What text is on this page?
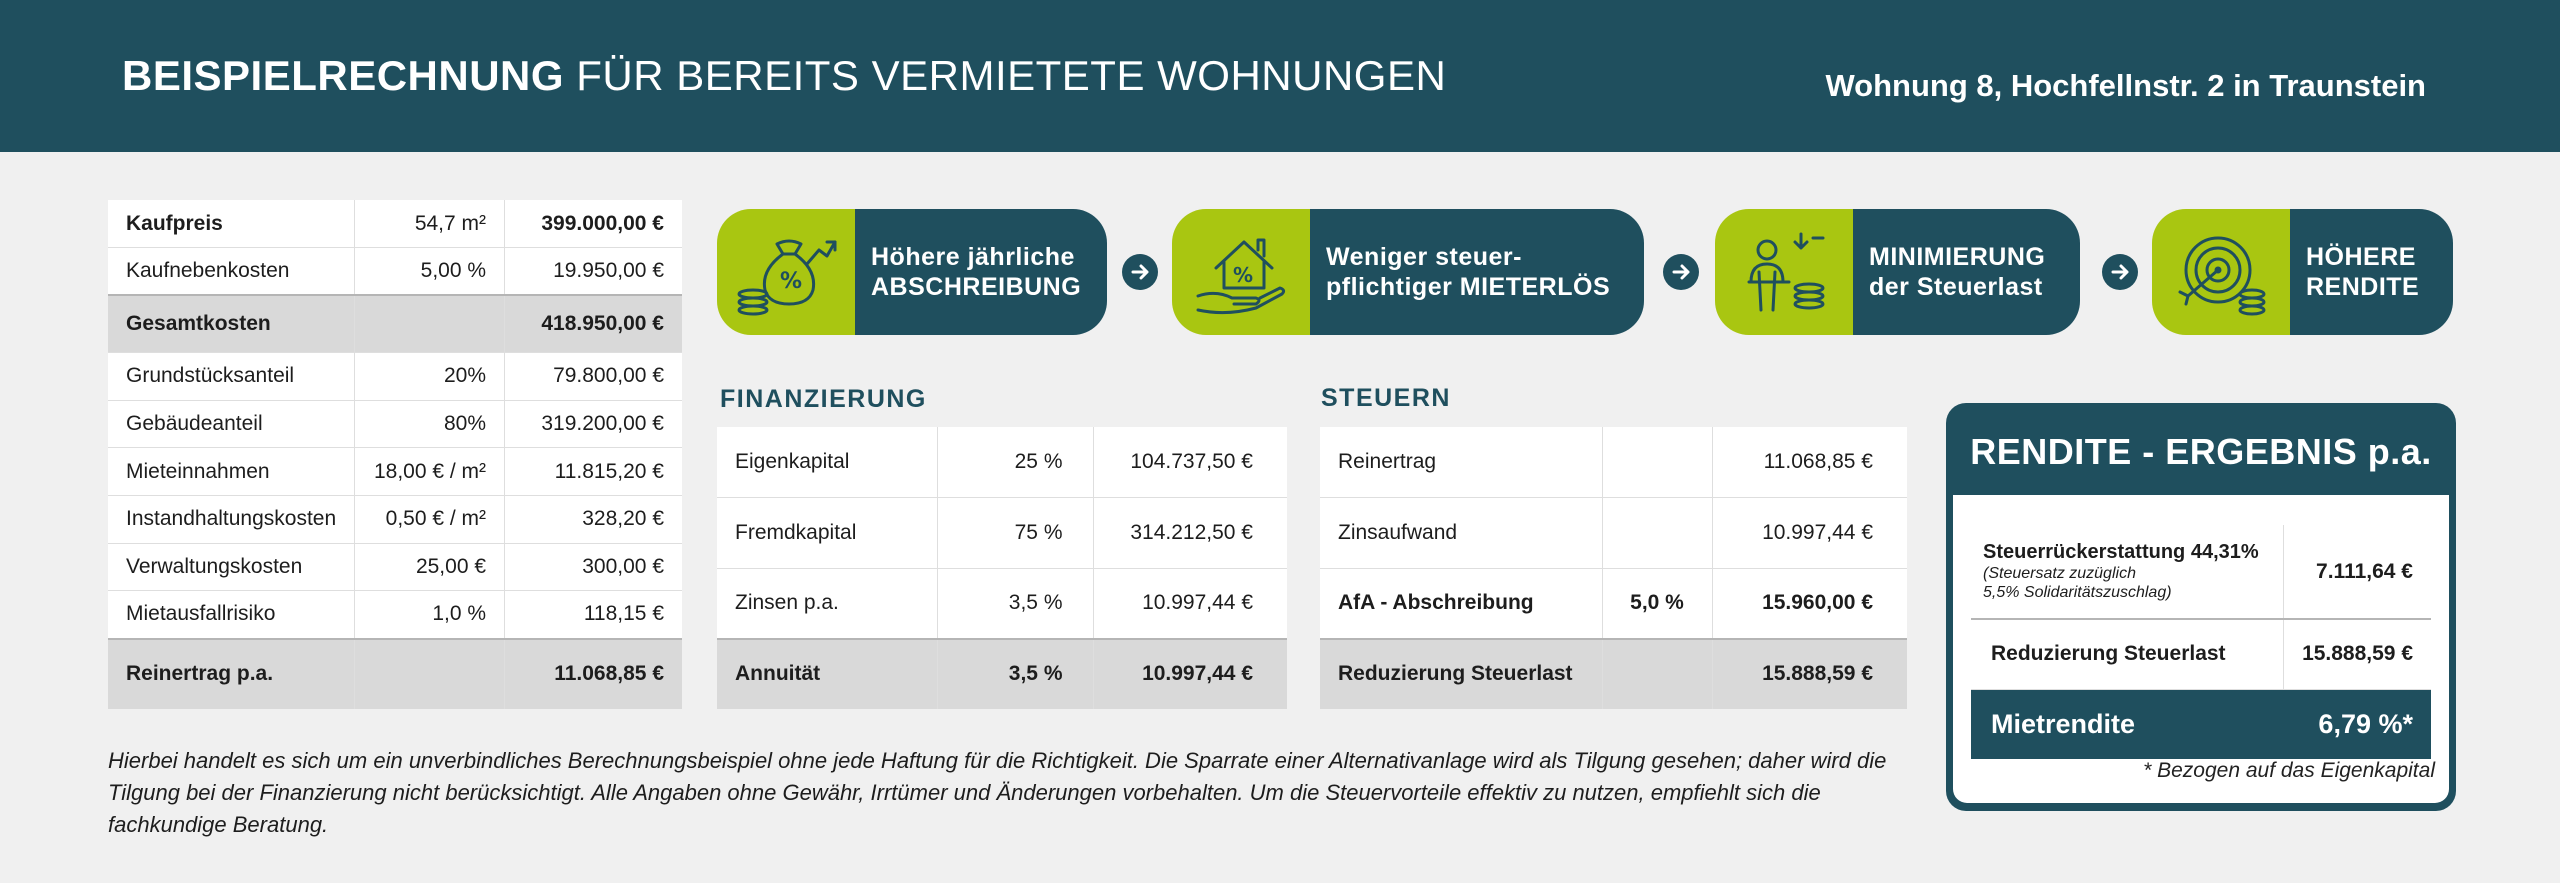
BEISPIELRECHNUNG FÜR BEREITS VERMIETETE WOHNUNGEN	Wohnung 8, Hochfellnstr. 2 in Traunstein
Kaufpreis	54,7 m²	399.000,00 €
Kaufnebenkosten	5,00 %	19.950,00 €
Gesamtkosten		418.950,00 €
Grundstücksanteil	20%	79.800,00 €
Gebäudeanteil	80%	319.200,00 €
Mieteinnahmen	18,00 € / m²	11.815,20 €
Instandhaltungskosten	0,50 € / m²	328,20 €
Verwaltungskosten	25,00 €	300,00 €
Mietausfallrisiko	1,0 %	118,15 €
Reinertrag p.a.		11.068,85 €
%
Höhere jährliche
ABSCHREIBUNG	%
Weniger steuer-
pflichtiger MIETERLÖS
MINIMIERUNG
der Steuerlast
HÖHERE
RENDITE
FINANZIERUNG
Eigenkapital	25 %	104.737,50 €
Fremdkapital	75 %	314.212,50 €
Zinsen p.a.	3,5 %	10.997,44 €
Annuität	3,5 %	10.997,44 €
STEUERN
Reinertrag		11.068,85 €
Zinsaufwand		10.997,44 €
AfA - Abschreibung	5,0 %	15.960,00 €
Reduzierung Steuerlast		15.888,59 €
RENDITE - ERGEBNIS p.a.
Steuerrückerstattung 44,31%
(Steuersatz zuzüglich
5,5% Solidaritätszuschlag)	7.111,64 €
Reduzierung Steuerlast	15.888,59 €
Mietrendite	6,79 %*
* Bezogen auf das Eigenkapital
Hierbei handelt es sich um ein unverbindliches Berechnungsbeispiel ohne jede Haftung für die Richtigkeit. Die Sparrate einer Alternativanlage wird als Tilgung gesehen; daher wird die Tilgung bei der Finanzierung nicht berücksichtigt. Alle Angaben ohne Gewähr, Irrtümer und Änderungen vorbehalten. Um die Steuervorteile effektiv zu nutzen, empfiehlt sich die fachkundige Beratung.
